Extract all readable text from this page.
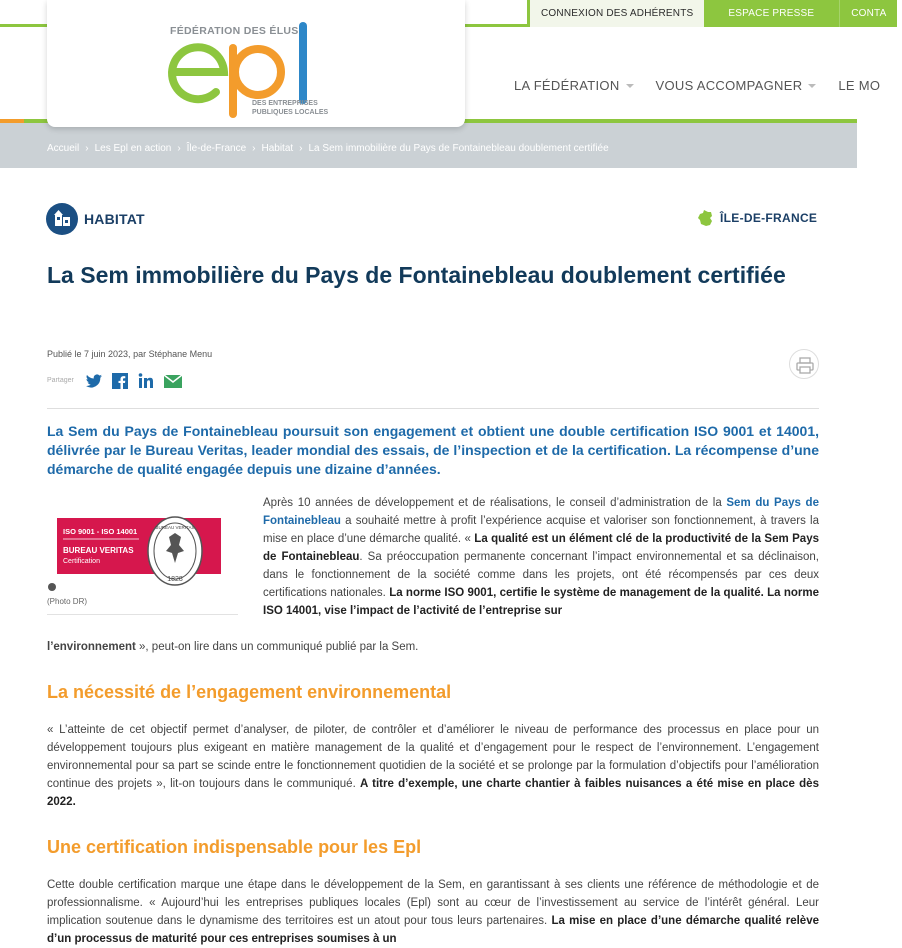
CONNEXION DES ADHÉRENTS	ESPACE PRESSE	CONTA
LA FÉDÉRATION	VOUS ACCOMPAGNER	LE MO
FÉDÉRATION DES ÉLUS
DES ENTREPRISES
PUBLIQUES LOCALES
Accueil › Les Epl en action › Île-de-France › Habitat › La Sem immobilière du Pays de Fontainebleau doublement certifiée
HABITAT	ÎLE-DE-FRANCE
La Sem immobilière du Pays de Fontainebleau doublement certifiée
Publié le 7 juin 2023, par Stéphane Menu
Partager

La Sem du Pays de Fontainebleau poursuit son engagement et obtient une double certification ISO 9001 et 14001, délivrée par le Bureau Veritas, leader mondial des essais, de l’inspection et de la certification. La récompense d’une démarche de qualité engagée depuis une dizaine d’années.

ISO 9001 - ISO 14001
BUREAU VERITAS
Certification
BUREAU VERITAS
1828
(Photo DR)

Après 10 années de développement et de réalisations, le conseil d’administration de la Sem du Pays de Fontainebleau a souhaité mettre à profit l’expérience acquise et valoriser son fonctionnement, à travers la mise en place d’une démarche qualité. « La qualité est un élément clé de la productivité de la Sem Pays de Fontainebleau. Sa préoccupation permanente concernant l’impact environnemental et sa déclinaison, dans le fonctionnement de la société comme dans les projets, ont été récompensés par ces deux certifications nationales. La norme ISO 9001, certifie le système de management de la qualité. La norme ISO 14001, vise l’impact de l’activité de l’entreprise sur

l’environnement », peut-on lire dans un communiqué publié par la Sem.

La nécessité de l’engagement environnemental

« L’atteinte de cet objectif permet d’analyser, de piloter, de contrôler et d’améliorer le niveau de performance des processus en place pour un développement toujours plus exigeant en matière management de la qualité et d’engagement pour le respect de l’environnement. L’engagement environnemental pour sa part se scinde entre le fonctionnement quotidien de la société et se prolonge par la formulation d’objectifs pour l’amélioration continue des projets », lit-on toujours dans le communiqué. A titre d’exemple, une charte chantier à faibles nuisances a été mise en place dès 2022.

Une certification indispensable pour les Epl

Cette double certification marque une étape dans le développement de la Sem, en garantissant à ses clients une référence de méthodologie et de professionnalisme. « Aujourd’hui les entreprises publiques locales (Epl) sont au cœur de l’investissement au service de l’intérêt général. Leur implication soutenue dans le dynamisme des territoires est un atout pour tous leurs partenaires. La mise en place d’une démarche qualité relève d’un processus de maturité pour ces entreprises soumises à un
